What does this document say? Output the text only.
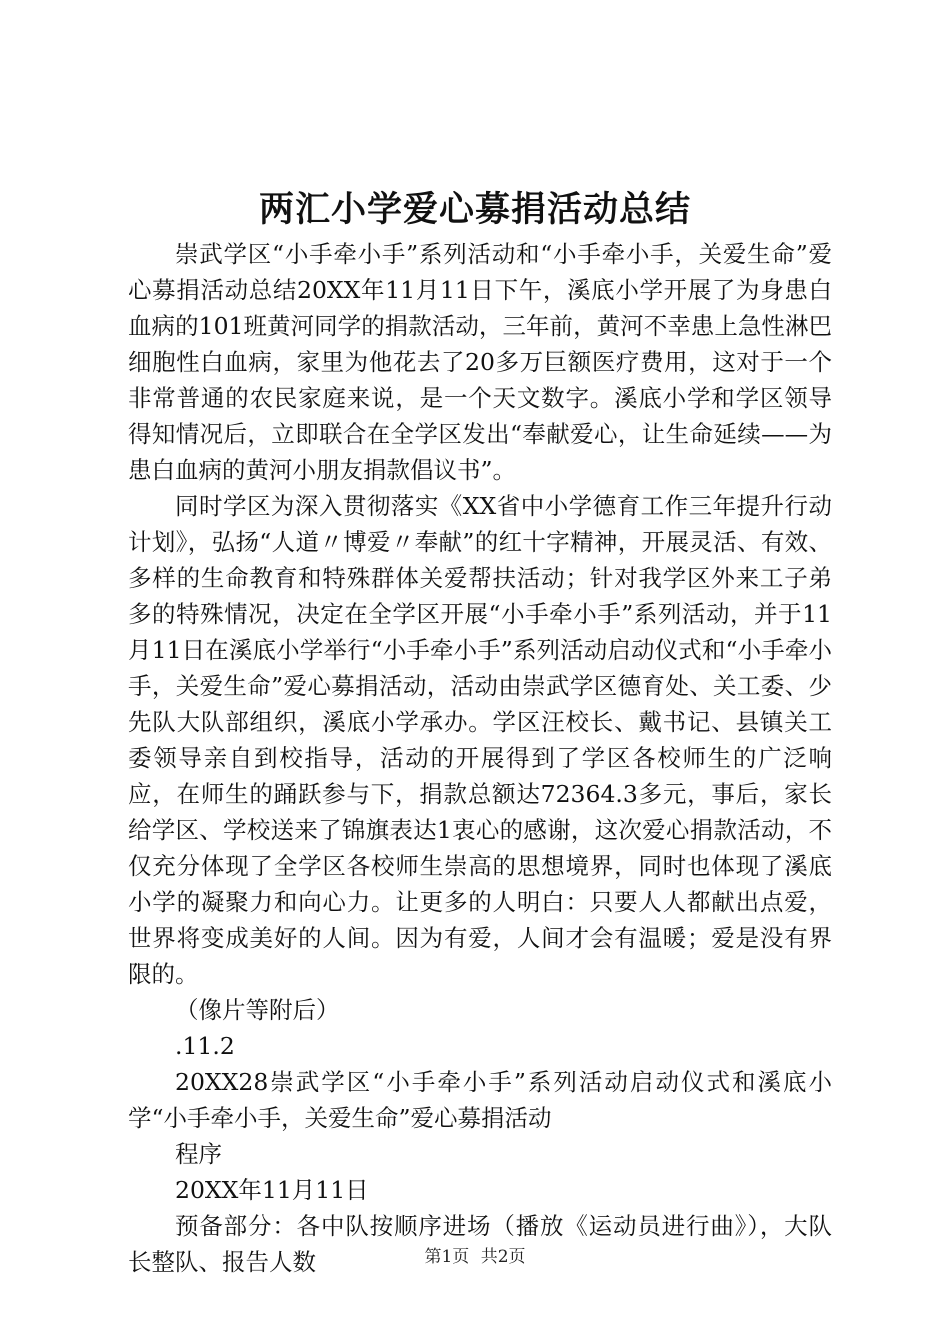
两汇小学爱心募捐活动总结

崇武学区“小手牵小手”系列活动和“小手牵小手，关爱生命”爱心募捐活动总结20XX年11月11日下午，溪底小学开展了为身患白血病的101班黄河同学的捐款活动，三年前，黄河不幸患上急性淋巴细胞性白血病，家里为他花去了20多万巨额医疗费用，这对于一个非常普通的农民家庭来说，是一个天文数字。溪底小学和学区领导得知情况后，立即联合在全学区发出“奉献爱心，让生命延续——为患白血病的黄河小朋友捐款倡议书”。

同时学区为深入贯彻落实《XX省中小学德育工作三年提升行动计划》，弘扬“人道〃博爱〃奉献”的红十字精神，开展灵活、有效、多样的生命教育和特殊群体关爱帮扶活动；针对我学区外来工子弟多的特殊情况，决定在全学区开展“小手牵小手”系列活动，并于11月11日在溪底小学举行“小手牵小手”系列活动启动仪式和“小手牵小手，关爱生命”爱心募捐活动，活动由崇武学区德育处、关工委、少先队大队部组织，溪底小学承办。学区汪校长、戴书记、县镇关工委领导亲自到校指导，活动的开展得到了学区各校师生的广泛响应，在师生的踊跃参与下，捐款总额达72364.3多元，事后，家长给学区、学校送来了锦旗表达1衷心的感谢，这次爱心捐款活动，不仅充分体现了全学区各校师生崇高的思想境界，同时也体现了溪底小学的凝聚力和向心力。让更多的人明白：只要人人都献出点爱，世界将变成美好的人间。因为有爱，人间才会有温暖；爱是没有界限的。

（像片等附后）

.11.2

20XX28崇武学区“小手牵小手”系列活动启动仪式和溪底小学“小手牵小手，关爱生命”爱心募捐活动

程序

20XX年11月11日

预备部分：各中队按顺序进场（播放《运动员进行曲》），大队长整队、报告人数	第1页 共2页
